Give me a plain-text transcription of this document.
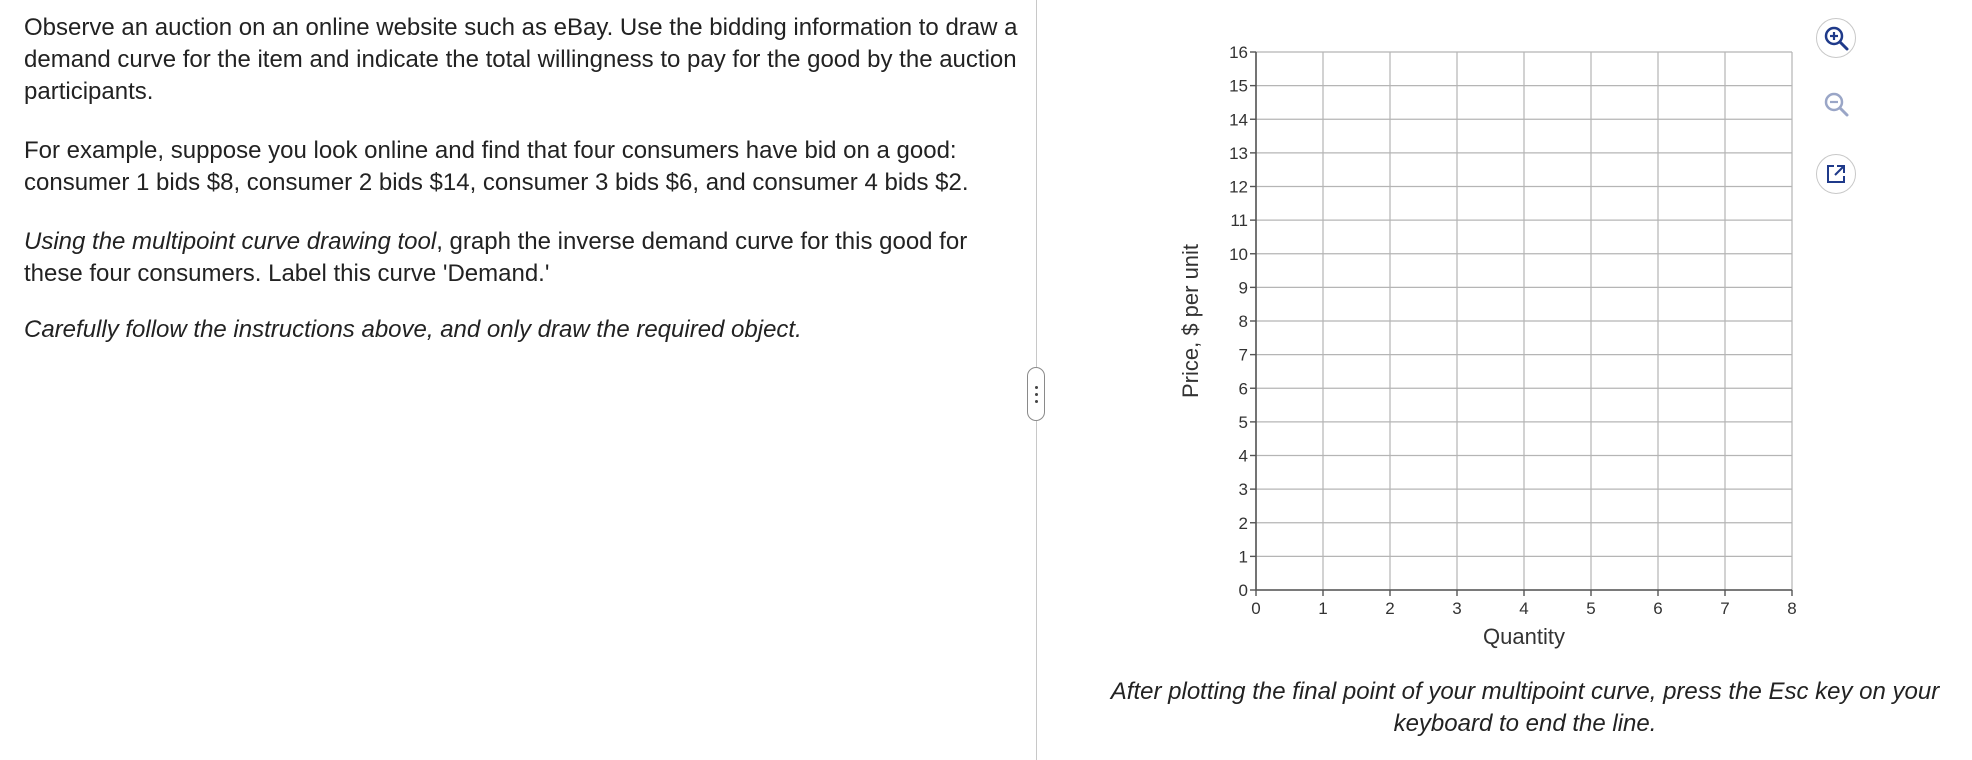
Observe an auction on an online website such as eBay. Use the bidding information to draw a demand curve for the item and indicate the total willingness to pay for the good by the auction participants.

For example, suppose you look online and find that four consumers have bid on a good: consumer 1 bids $8, consumer 2 bids $14, consumer 3 bids $6, and consumer 4 bids $2.

Using the multipoint curve drawing tool, graph the inverse demand curve for this good for these four consumers. Label this curve 'Demand.'

Carefully follow the instructions above, and only draw the required object.

0
1
2
3
4
5
6
7
8
9
10
11
12
13
14
15
16
0	1	2	3	4	5	6	7	8
Quantity
Price, $ per unit
After plotting the final point of your multipoint curve, press the Esc key on your keyboard to end the line.
